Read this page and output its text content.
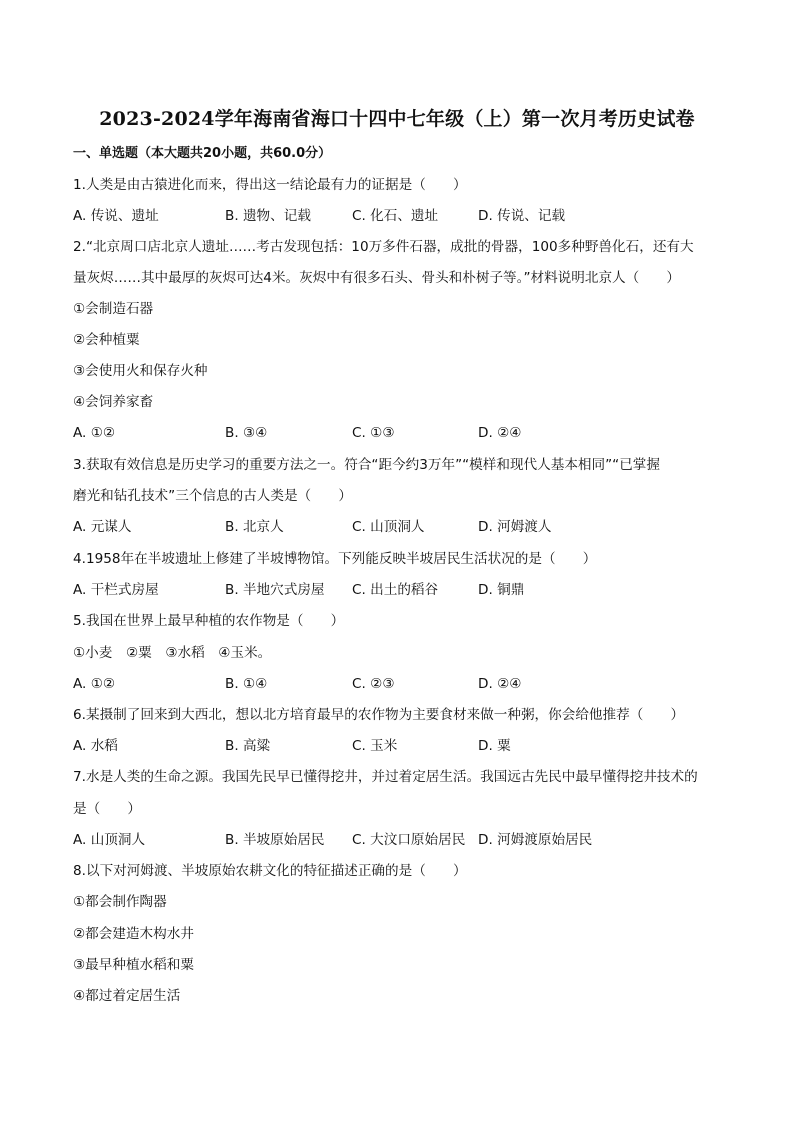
2023-2024学年海南省海口十四中七年级（上）第一次月考历史试卷
一、单选题（本大题共20小题，共60.0分）
1.人类是由古猿进化而来，得出这一结论最有力的证据是（　　）
A. 传说、遗址	B. 遗物、记载	C. 化石、遗址	D. 传说、记载
2.“北京周口店北京人遗址……考古发现包括：10万多件石器，成批的骨器，100多种野兽化石，还有大
量灰烬……其中最厚的灰烬可达4米。灰烬中有很多石头、骨头和朴树子等。”材料说明北京人（　　）
①会制造石器
②会种植粟
③会使用火和保存火种
④会饲养家畜
A. ①②	B. ③④	C. ①③	D. ②④
3.获取有效信息是历史学习的重要方法之一。符合“距今约3万年”“模样和现代人基本相同”“已掌握
磨光和钻孔技术”三个信息的古人类是（　　）
A. 元谋人	B. 北京人	C. 山顶洞人	D. 河姆渡人
4.1958年在半坡遗址上修建了半坡博物馆。下列能反映半坡居民生活状况的是（　　）
A. 干栏式房屋	B. 半地穴式房屋 C. 出土的稻谷	D. 铜鼎
5.我国在世界上最早种植的农作物是（　　）
①小麦　②粟　③水稻　④玉米。
A. ①②	B. ①④	C. ②③	D. ②④
6.某摄制了回来到大西北，想以北方培育最早的农作物为主要食材来做一种粥，你会给他推荐（　　）
A. 水稻	B. 高粱	C. 玉米	D. 粟
7.水是人类的生命之源。我国先民早已懂得挖井，并过着定居生活。我国远古先民中最早懂得挖井技术的
是（　　）
A. 山顶洞人	B. 半坡原始居民 C. 大汶口原始居民 D. 河姆渡原始居民
8.以下对河姆渡、半坡原始农耕文化的特征描述正确的是（　　）
①都会制作陶器
②都会建造木构水井
③最早种植水稻和粟
④都过着定居生活
